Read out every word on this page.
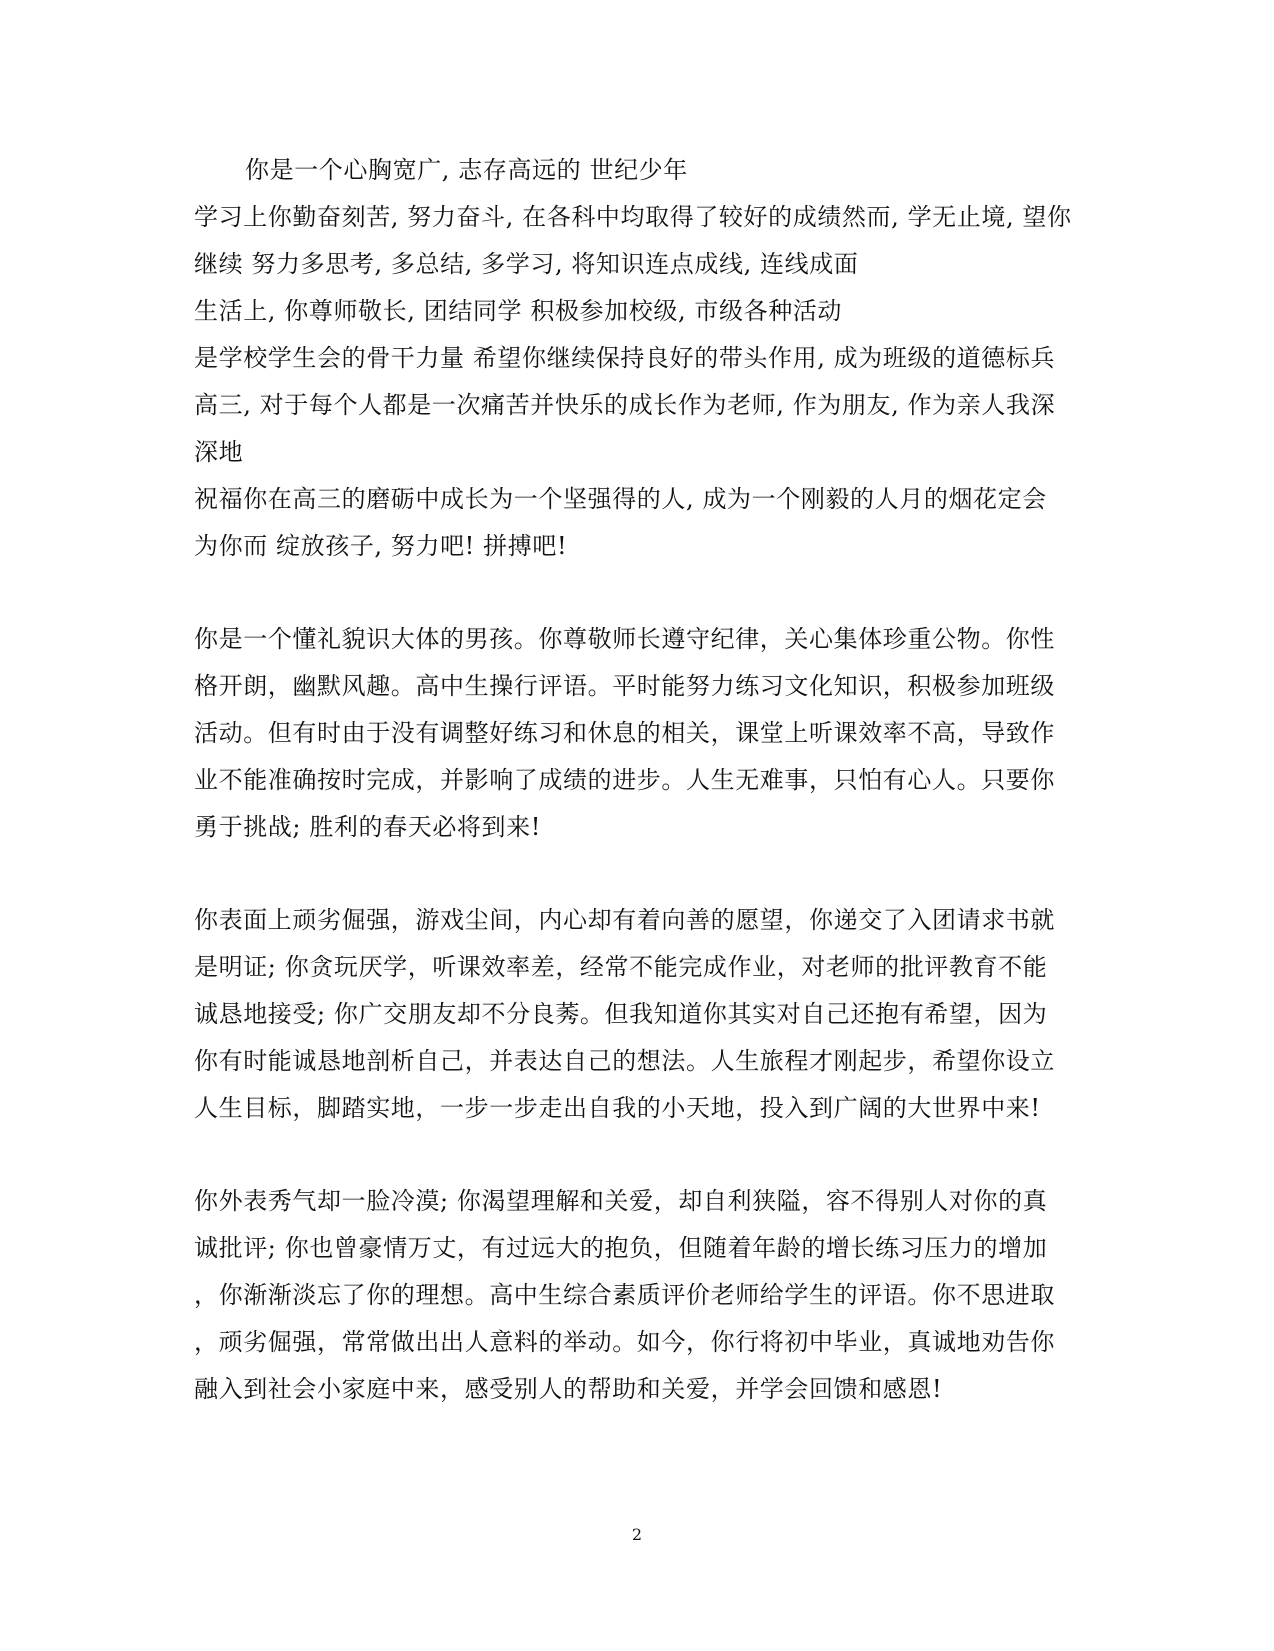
你是一个心胸宽广, 志存高远的 世纪少年
学习上你勤奋刻苦, 努力奋斗, 在各科中均取得了较好的成绩然而, 学无止境, 望你
继续 努力多思考, 多总结, 多学习, 将知识连点成线, 连线成面
生活上, 你尊师敬长, 团结同学 积极参加校级, 市级各种活动
是学校学生会的骨干力量 希望你继续保持良好的带头作用, 成为班级的道德标兵
高三, 对于每个人都是一次痛苦并快乐的成长作为老师, 作为朋友, 作为亲人我深
深地
祝福你在高三的磨砺中成长为一个坚强得的人, 成为一个刚毅的人月的烟花定会
为你而 绽放孩子, 努力吧! 拼搏吧!
你是一个懂礼貌识大体的男孩。你尊敬师长遵守纪律，关心集体珍重公物。你性
格开朗，幽默风趣。高中生操行评语。平时能努力练习文化知识，积极参加班级
活动。但有时由于没有调整好练习和休息的相关，课堂上听课效率不高，导致作
业不能准确按时完成，并影响了成绩的进步。人生无难事，只怕有心人。只要你
勇于挑战; 胜利的春天必将到来!
你表面上顽劣倔强，游戏尘间，内心却有着向善的愿望，你递交了入团请求书就
是明证; 你贪玩厌学，听课效率差，经常不能完成作业，对老师的批评教育不能
诚恳地接受; 你广交朋友却不分良莠。但我知道你其实对自己还抱有希望，因为
你有时能诚恳地剖析自己，并表达自己的想法。人生旅程才刚起步，希望你设立
人生目标，脚踏实地，一步一步走出自我的小天地，投入到广阔的大世界中来!
你外表秀气却一脸冷漠; 你渴望理解和关爱，却自利狭隘，容不得别人对你的真
诚批评; 你也曾豪情万丈，有过远大的抱负，但随着年龄的增长练习压力的增加
，你渐渐淡忘了你的理想。高中生综合素质评价老师给学生的评语。你不思进取
，顽劣倔强，常常做出出人意料的举动。如今，你行将初中毕业，真诚地劝告你
融入到社会小家庭中来，感受别人的帮助和关爱，并学会回馈和感恩!
2
